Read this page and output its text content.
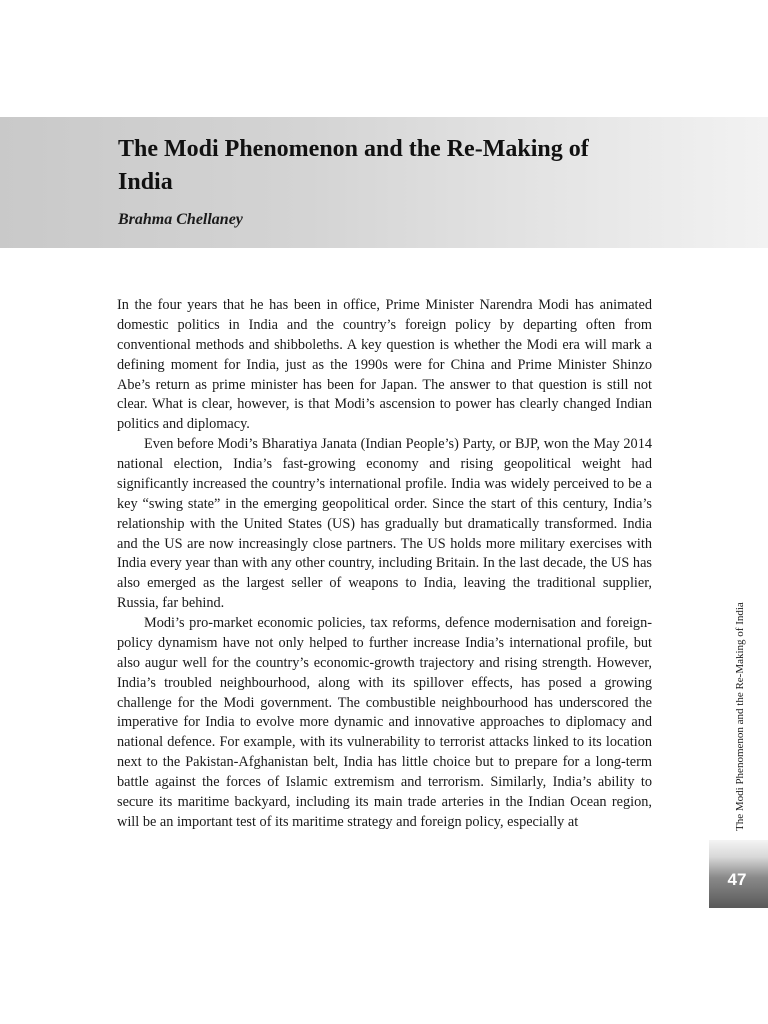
The Modi Phenomenon and the Re-Making of India

Brahma Chellaney

In the four years that he has been in office, Prime Minister Narendra Modi has animated domestic politics in India and the country’s foreign policy by departing often from conventional methods and shibboleths. A key question is whether the Modi era will mark a defining moment for India, just as the 1990s were for China and Prime Minister Shinzo Abe’s return as prime minister has been for Japan. The answer to that question is still not clear. What is clear, however, is that Modi’s ascension to power has clearly changed Indian politics and diplomacy.

Even before Modi’s Bharatiya Janata (Indian People’s) Party, or BJP, won the May 2014 national election, India’s fast-growing economy and rising geopolitical weight had significantly increased the country’s international profile. India was widely perceived to be a key “swing state” in the emerging geopolitical order. Since the start of this century, India’s relationship with the United States (US) has gradually but dramatically transformed. India and the US are now increasingly close partners. The US holds more military exercises with India every year than with any other country, including Britain. In the last decade, the US has also emerged as the largest seller of weapons to India, leaving the traditional supplier, Russia, far behind.

Modi’s pro-market economic policies, tax reforms, defence modernisation and foreign-policy dynamism have not only helped to further increase India’s international profile, but also augur well for the country’s economic-growth trajectory and rising strength. However, India’s troubled neighbourhood, along with its spillover effects, has posed a growing challenge for the Modi government. The combustible neighbourhood has underscored the imperative for India to evolve more dynamic and innovative approaches to diplomacy and national defence. For example, with its vulnerability to terrorist attacks linked to its location next to the Pakistan-Afghanistan belt, India has little choice but to prepare for a long-term battle against the forces of Islamic extremism and terrorism. Similarly, India’s ability to secure its maritime backyard, including its main trade arteries in the Indian Ocean region, will be an important test of its maritime strategy and foreign policy, especially at	The Modi Phenomenon and the Re-Making of India
47
